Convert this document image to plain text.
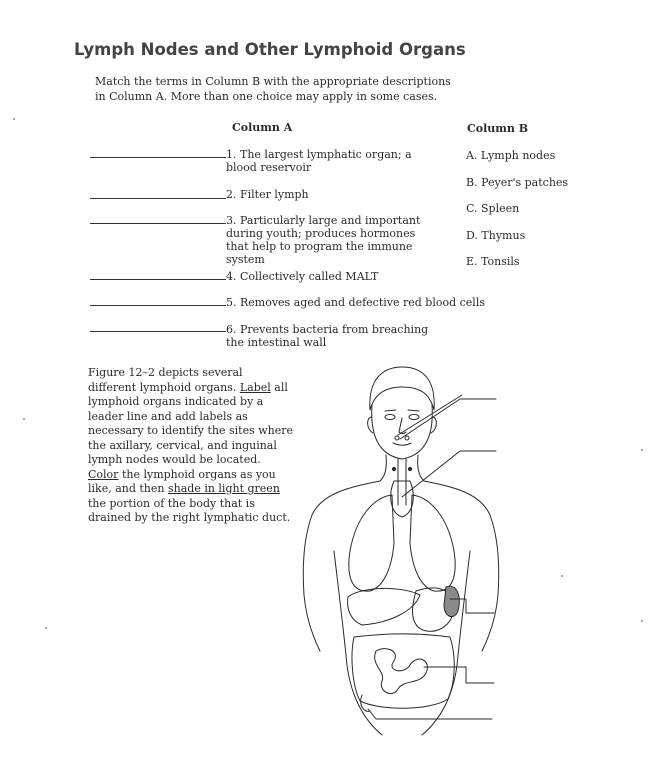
Lymph Nodes and Other Lymphoid Organs

Match the terms in Column B with the appropriate descriptions in Column A. More than one choice may apply in some cases.

Column A	Column B
1. The largest lymphatic organ; a blood reservoir
2. Filter lymph
3. Particularly large and important during youth; produces hormones that help to program the immune system
4. Collectively called MALT
5. Removes aged and defective red blood cells
6. Prevents bacteria from breaching the intestinal wall
A. Lymph nodes
B. Peyer's patches
C. Spleen
D. Thymus
E. Tonsils

Figure 12–2 depicts several different lymphoid organs. Label all lymphoid organs indicated by a leader line and add labels as necessary to identify the sites where the axillary, cervical, and inguinal lymph nodes would be located. Color the lymphoid organs as you like, and then shade in light green the portion of the body that is drained by the right lymphatic duct.
